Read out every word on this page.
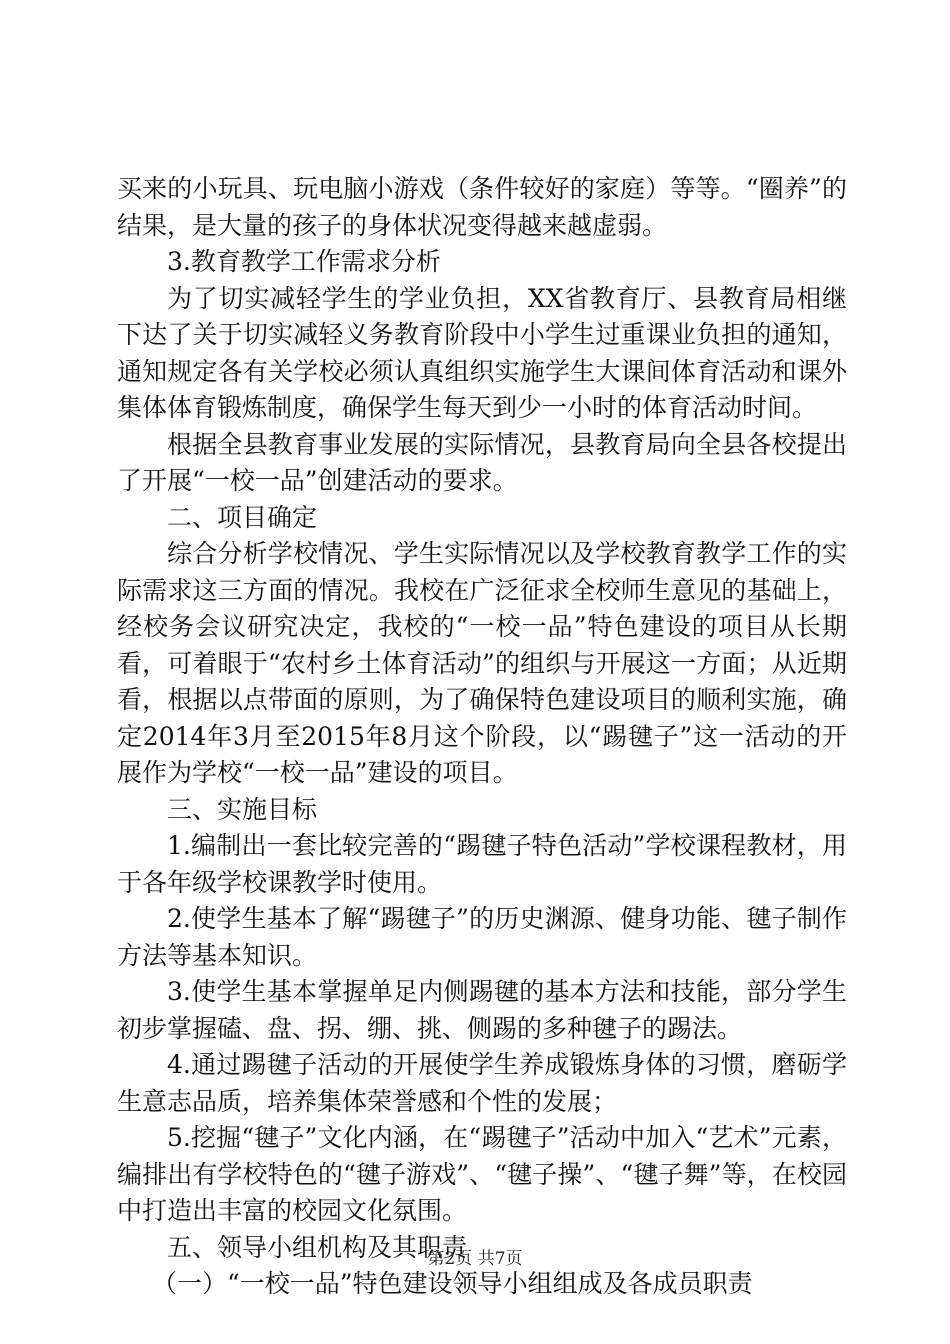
买来的小玩具、玩电脑小游戏（条件较好的家庭）等等。“圈养”的结果，是大量的孩子的身体状况变得越来越虚弱。

3.教育教学工作需求分析

为了切实减轻学生的学业负担，XX省教育厅、县教育局相继下达了关于切实减轻义务教育阶段中小学生过重课业负担的通知，通知规定各有关学校必须认真组织实施学生大课间体育活动和课外集体体育锻炼制度，确保学生每天到少一小时的体育活动时间。

根据全县教育事业发展的实际情况，县教育局向全县各校提出了开展“一校一品”创建活动的要求。

二、项目确定

综合分析学校情况、学生实际情况以及学校教育教学工作的实际需求这三方面的情况。我校在广泛征求全校师生意见的基础上，经校务会议研究决定，我校的“一校一品”特色建设的项目从长期看，可着眼于“农村乡土体育活动”的组织与开展这一方面；从近期看，根据以点带面的原则，为了确保特色建设项目的顺利实施，确定2014年3月至2015年8月这个阶段，以“踢毽子”这一活动的开展作为学校“一校一品”建设的项目。

三、实施目标

1.编制出一套比较完善的“踢毽子特色活动”学校课程教材，用于各年级学校课教学时使用。

2.使学生基本了解“踢毽子”的历史渊源、健身功能、毽子制作方法等基本知识。

3.使学生基本掌握单足内侧踢毽的基本方法和技能，部分学生初步掌握磕、盘、拐、绷、挑、侧踢的多种毽子的踢法。

4.通过踢毽子活动的开展使学生养成锻炼身体的习惯，磨砺学生意志品质，培养集体荣誉感和个性的发展；

5.挖掘“毽子”文化内涵，在“踢毽子”活动中加入“艺术”元素，编排出有学校特色的“毽子游戏”、“毽子操”、“毽子舞”等，在校园中打造出丰富的校园文化氛围。

五、领导小组机构及其职责

（一）“一校一品”特色建设领导小组组成及各成员职责

第2页 共7页
